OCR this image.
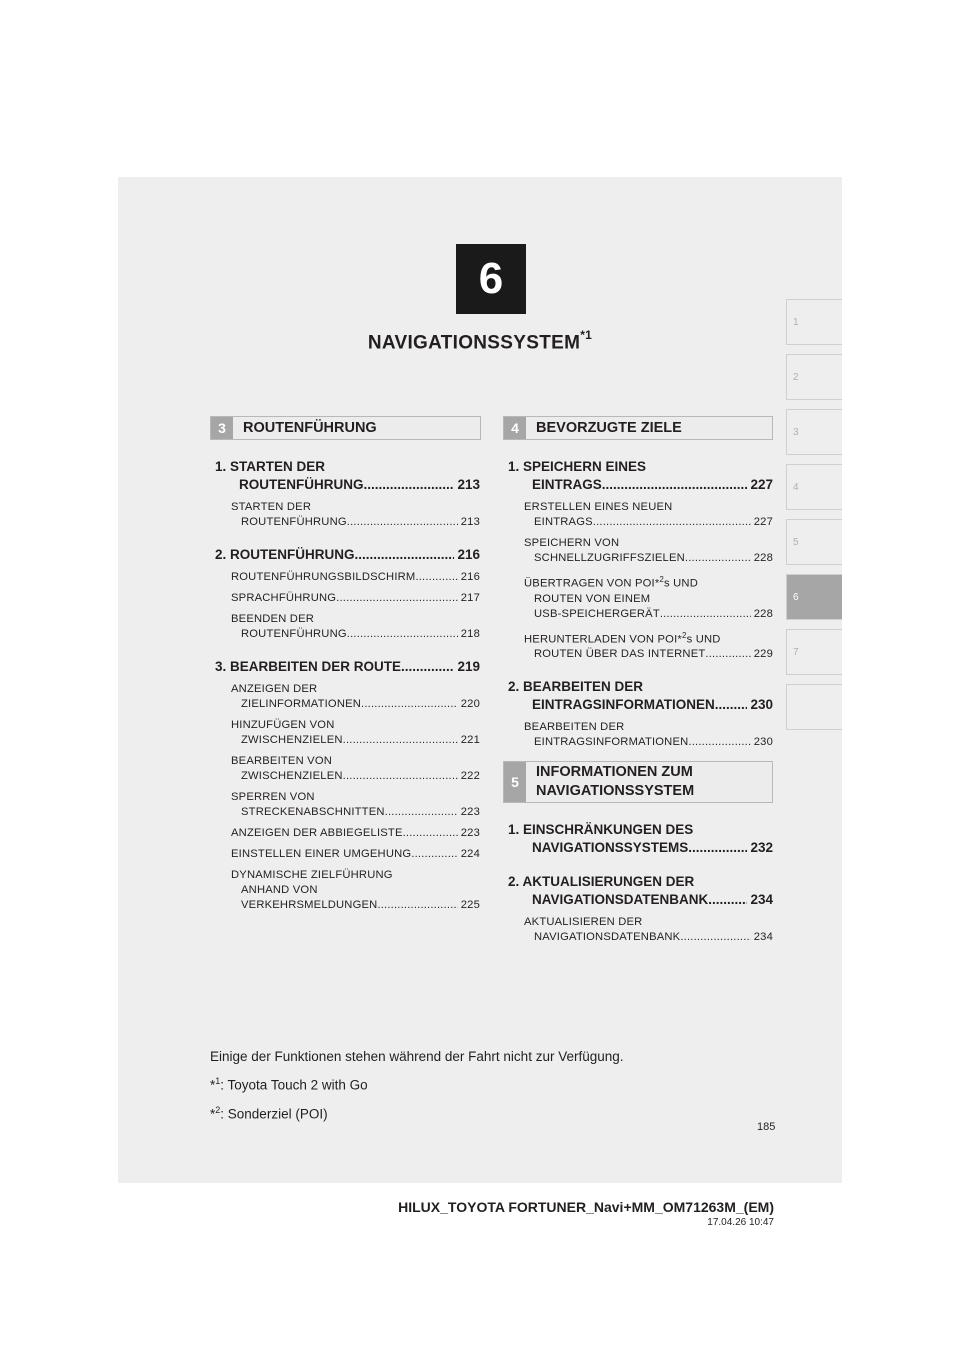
6
NAVIGATIONSSYSTEM$^{*1}$
1
2
3
4
5
6
7
3	ROUTENFÜHRUNG	4	BEVORZUGTE ZIELE
5
INFORMATIONEN ZUM
NAVIGATIONSSYSTEM
1. STARTEN DER
ROUTENFÜHRUNG .....	213
STARTEN DER
ROUTENFÜHRUNG .....	213
2. ROUTENFÜHRUNG .....	216
ROUTENFÜHRUNGSBILDSCHIRM .....	216
SPRACHFÜHRUNG .....	217
BEENDEN DER
ROUTENFÜHRUNG .....	218
3. BEARBEITEN DER ROUTE .....	219
ANZEIGEN DER
ZIELINFORMATIONEN .....	220
HINZUFÜGEN VON
ZWISCHENZIELEN .....	221
BEARBEITEN VON
ZWISCHENZIELEN .....	222
SPERREN VON
STRECKENABSCHNITTEN .....	223
ANZEIGEN DER ABBIEGELISTE .....	223
EINSTELLEN EINER UMGEHUNG .....	224
DYNAMISCHE ZIELFÜHRUNG
ANHAND VON
VERKEHRSMELDUNGEN .....	225
1. SPEICHERN EINES
EINTRAGS .....	227
ERSTELLEN EINES NEUEN
EINTRAGS .....	227
SPEICHERN VON
SCHNELLZUGRIFFSZIELEN .....	228
ÜBERTRAGEN VON POI*$^2$s UND
ROUTEN VON EINEM
USB-SPEICHERGERÄT .....	228
HERUNTERLADEN VON POI*$^2$s UND
ROUTEN ÜBER DAS INTERNET .....	229
2. BEARBEITEN DER
EINTRAGSINFORMATIONEN .....	230
BEARBEITEN DER
EINTRAGSINFORMATIONEN .....	230
1. EINSCHRÄNKUNGEN DES
NAVIGATIONSSYSTEMS .....	232
2. AKTUALISIERUNGEN DER
NAVIGATIONSDATENBANK .....	234
AKTUALISIEREN DER
NAVIGATIONSDATENBANK .....	234
Einige der Funktionen stehen während der Fahrt nicht zur Verfügung.
*$^1$: Toyota Touch 2 with Go
*$^2$: Sonderziel (POI)
185
HILUX_TOYOTA FORTUNER_Navi+MM_OM71263M_(EM)
17.04.26 10:47
